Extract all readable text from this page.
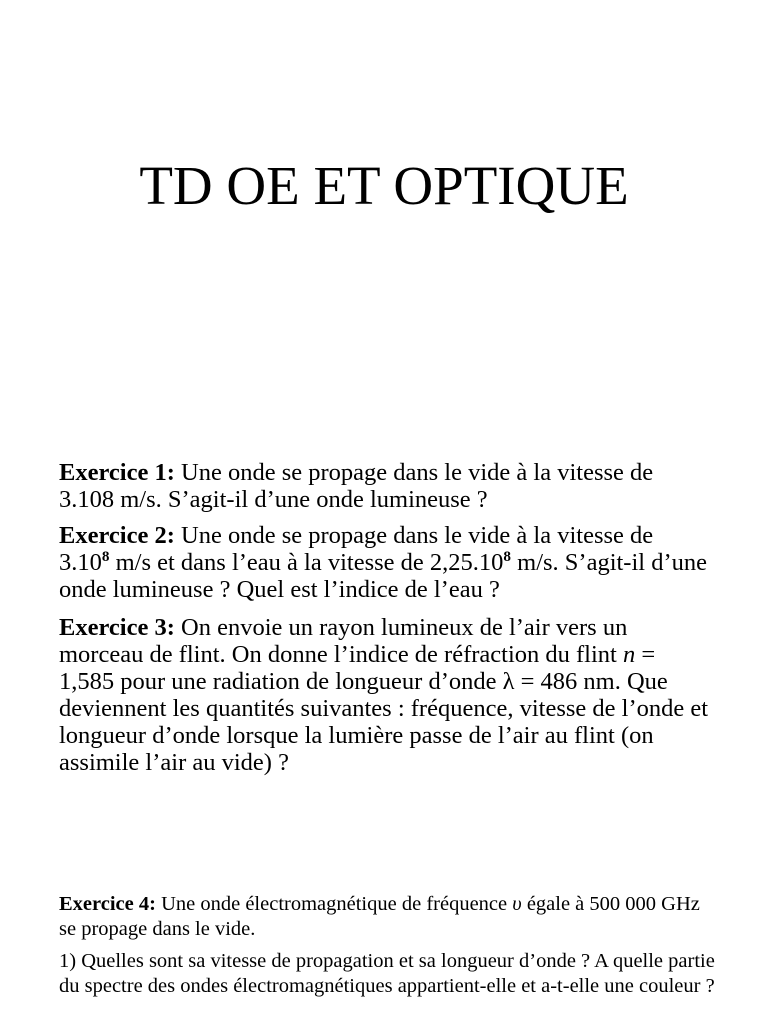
TD OE ET OPTIQUE

Exercice 1: Une onde se propage dans le vide à la vitesse de 3.108 m/s. S’agit-il d’une onde lumineuse ?

Exercice 2: Une onde se propage dans le vide à la vitesse de 3.10$^8$ m/s et dans l’eau à la vitesse de 2,25.10$^8$ m/s. S’agit-il d’une onde lumineuse ? Quel est l’indice de l’eau ?

Exercice 3: On envoie un rayon lumineux de l’air vers un morceau de flint. On donne l’indice de réfraction du flint n = 1,585 pour une radiation de longueur d’onde λ = 486 nm. Que deviennent les quantités suivantes : fréquence, vitesse de l’onde et longueur d’onde lorsque la lumière passe de l’air au flint (on assimile l’air au vide) ?

Exercice 4: Une onde électromagnétique de fréquence υ égale à 500 000 GHz se propage dans le vide.

1) Quelles sont sa vitesse de propagation et sa longueur d’onde ? A quelle partie du spectre des ondes électromagnétiques appartient-elle et a-t-elle une couleur ?
